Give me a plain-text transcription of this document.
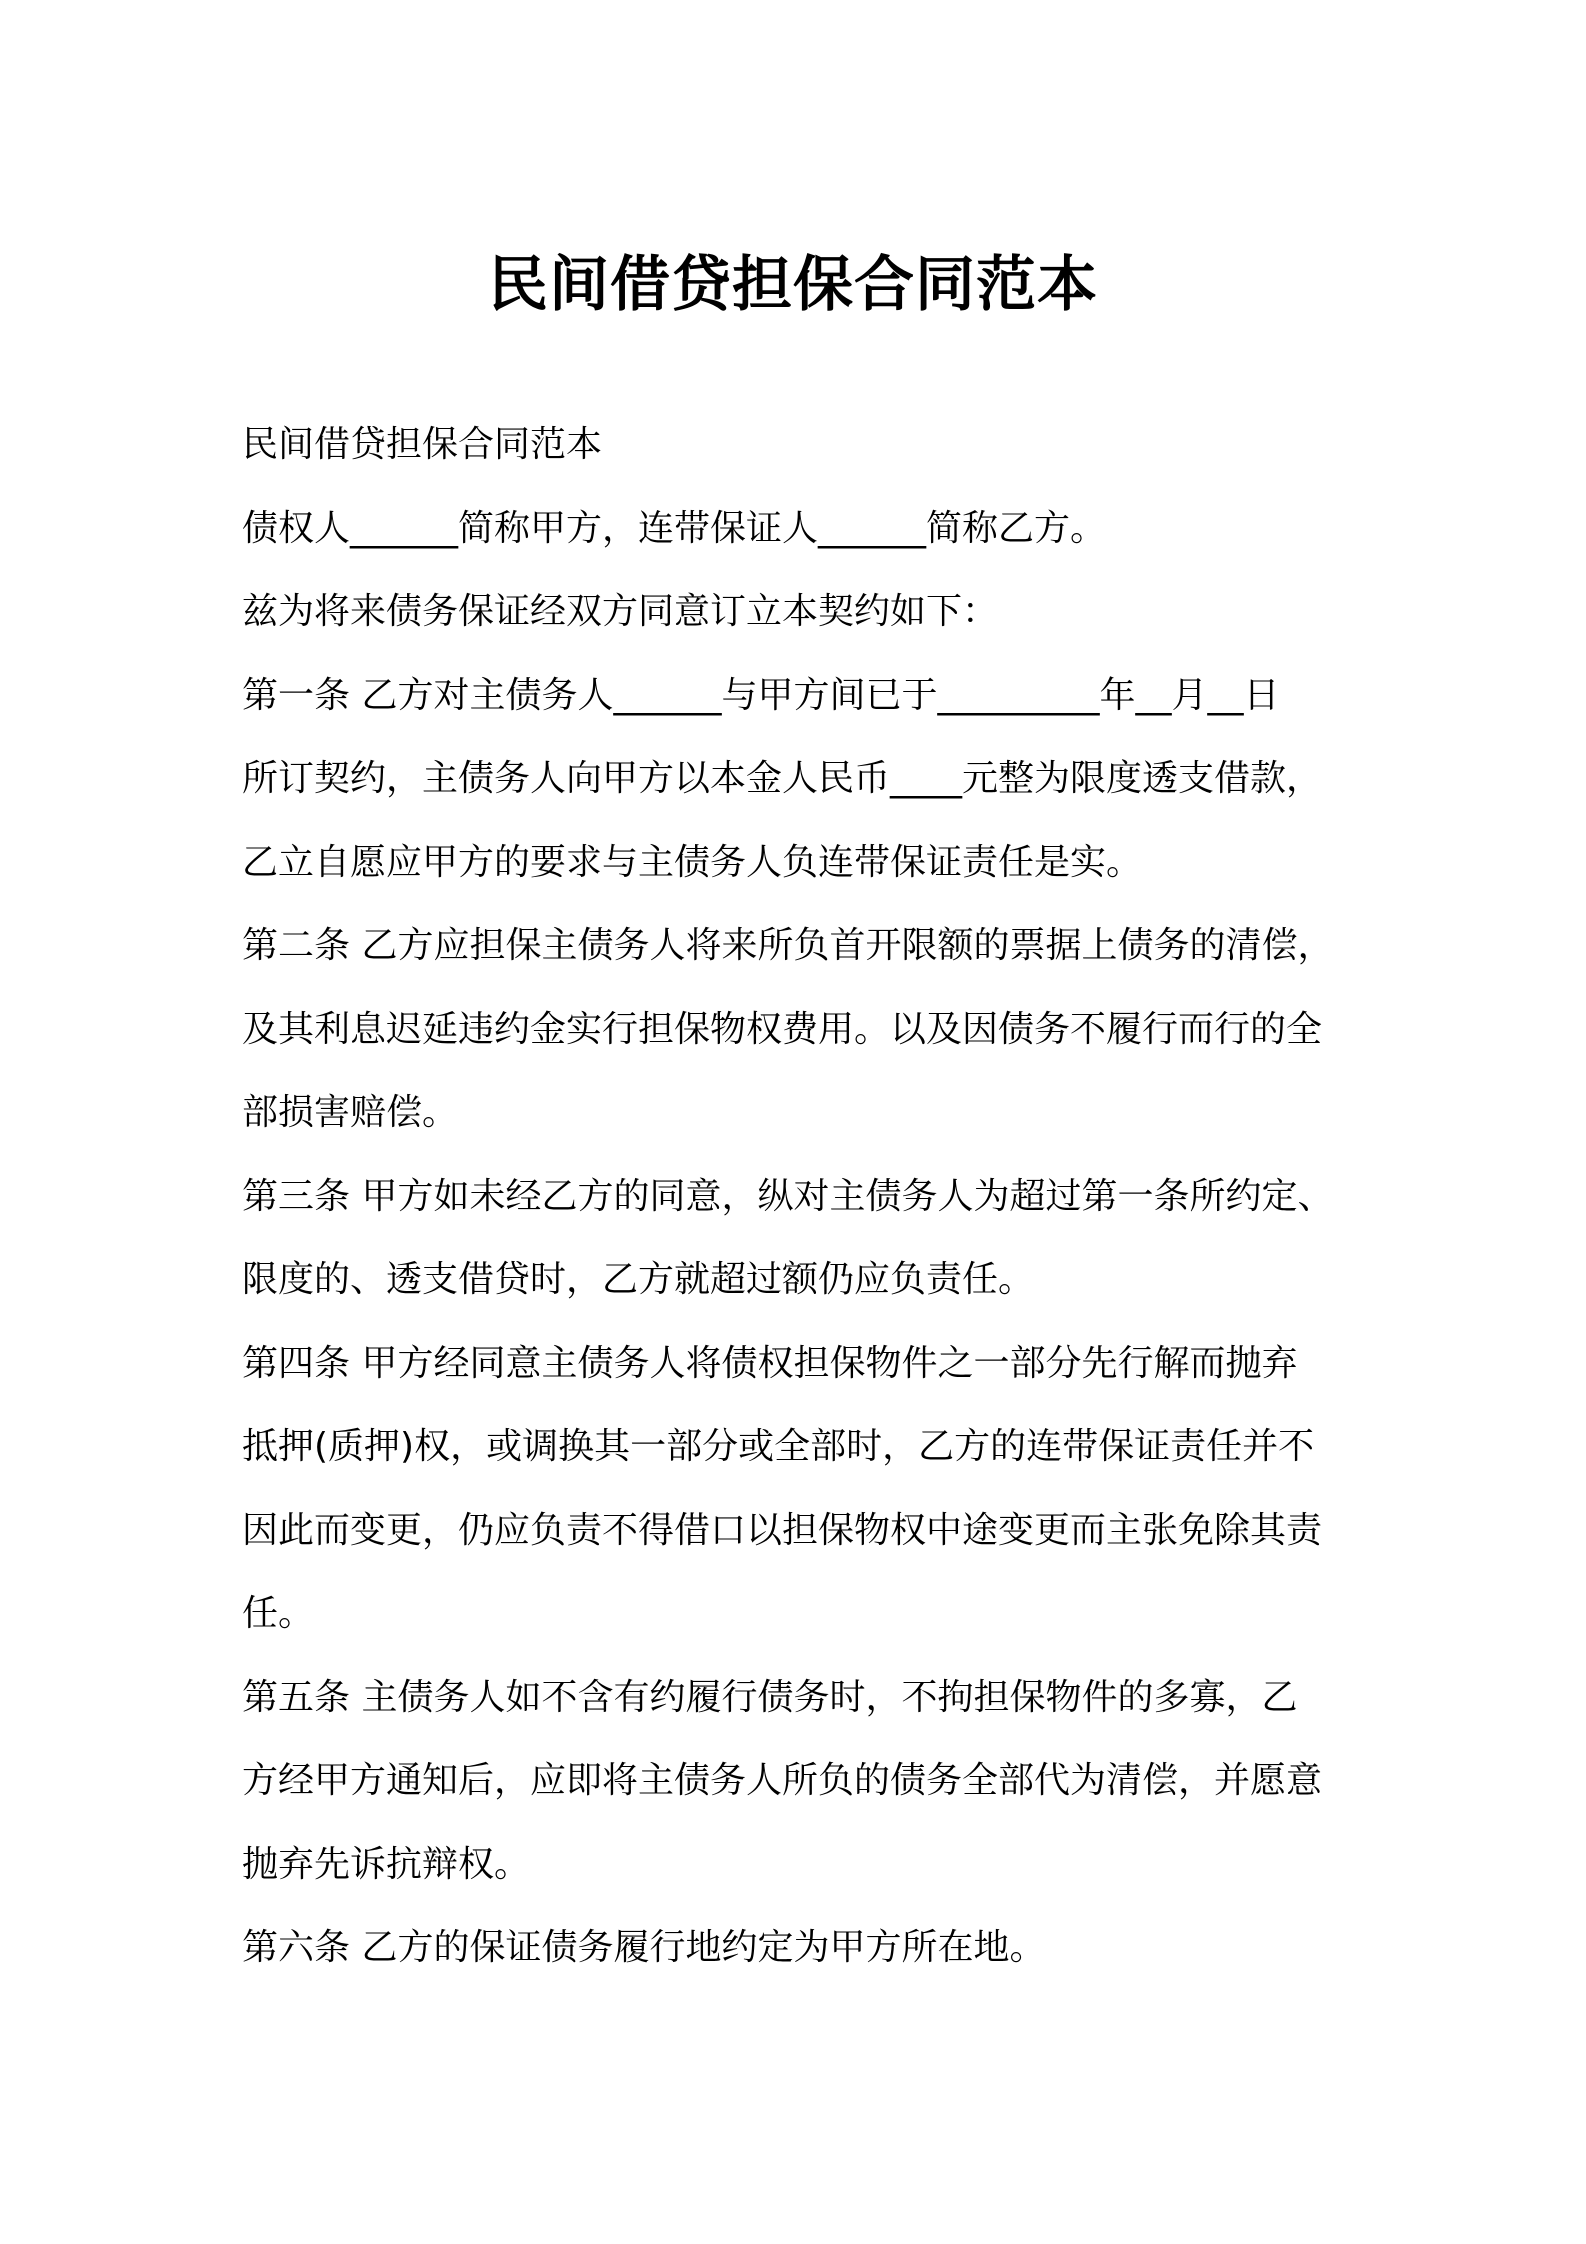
民间借贷担保合同范本

民间借贷担保合同范本

债权人______简称甲方，连带保证人______简称乙方。

兹为将来债务保证经双方同意订立本契约如下：

第一条 乙方对主债务人______与甲方间已于_________年__月__日

所订契约，主债务人向甲方以本金人民币____元整为限度透支借款，

乙立自愿应甲方的要求与主债务人负连带保证责任是实。

第二条 乙方应担保主债务人将来所负首开限额的票据上债务的清偿，

及其利息迟延违约金实行担保物权费用。以及因债务不履行而行的全

部损害赔偿。

第三条 甲方如未经乙方的同意，纵对主债务人为超过第一条所约定、

限度的、透支借贷时，乙方就超过额仍应负责任。

第四条 甲方经同意主债务人将债权担保物件之一部分先行解而抛弃

抵押(质押)权，或调换其一部分或全部时，乙方的连带保证责任并不

因此而变更，仍应负责不得借口以担保物权中途变更而主张免除其责

任。

第五条 主债务人如不含有约履行债务时，不拘担保物件的多寡，乙

方经甲方通知后，应即将主债务人所负的债务全部代为清偿，并愿意

抛弃先诉抗辩权。

第六条 乙方的保证债务履行地约定为甲方所在地。
